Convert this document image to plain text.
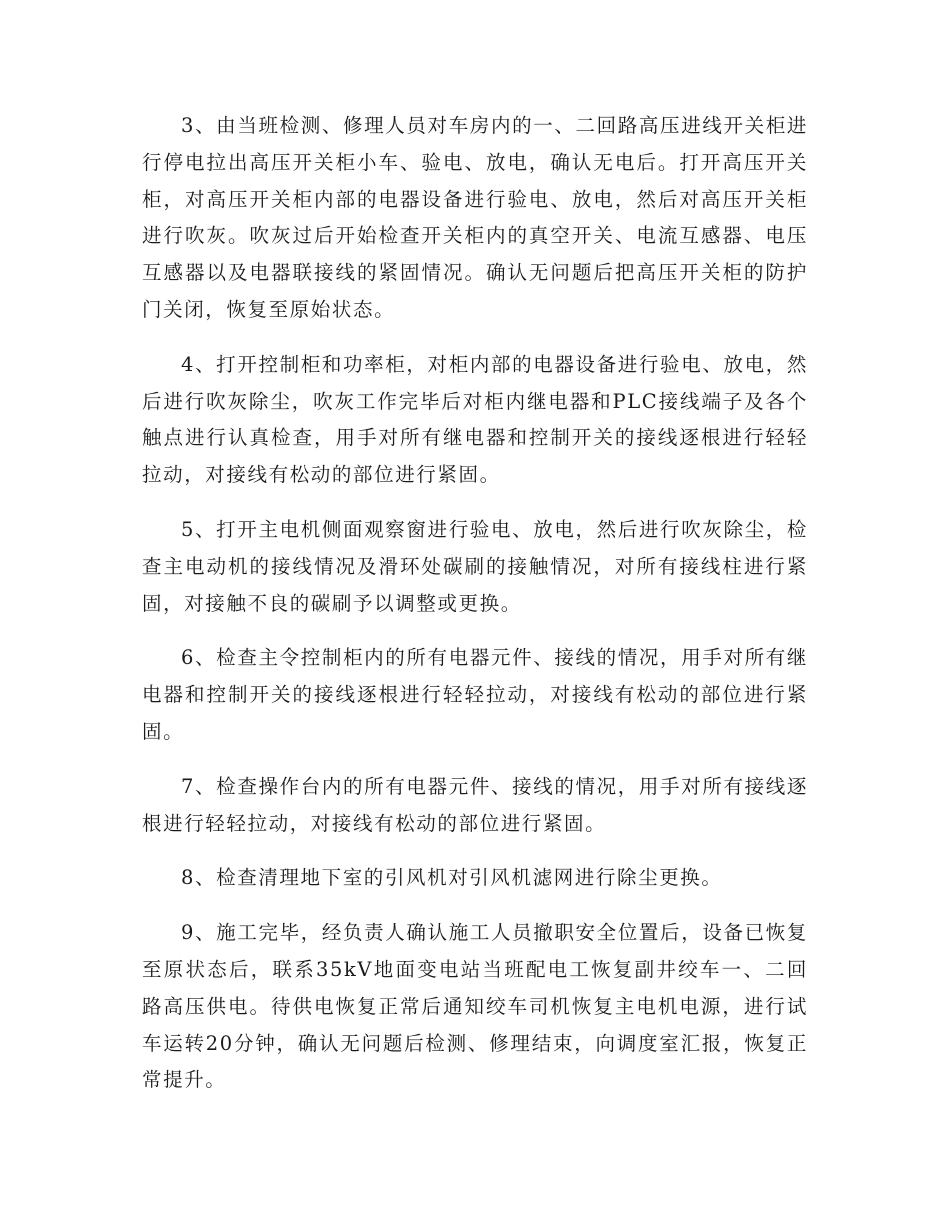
3、由当班检测、修理人员对车房内的一、二回路高压进线开关柜进行停电拉出高压开关柜小车、验电、放电，确认无电后。打开高压开关柜，对高压开关柜内部的电器设备进行验电、放电，然后对高压开关柜进行吹灰。吹灰过后开始检查开关柜内的真空开关、电流互感器、电压互感器以及电器联接线的紧固情况。确认无问题后把高压开关柜的防护门关闭，恢复至原始状态。

4、打开控制柜和功率柜，对柜内部的电器设备进行验电、放电，然后进行吹灰除尘，吹灰工作完毕后对柜内继电器和PLC接线端子及各个触点进行认真检查，用手对所有继电器和控制开关的接线逐根进行轻轻拉动，对接线有松动的部位进行紧固。

5、打开主电机侧面观察窗进行验电、放电，然后进行吹灰除尘，检查主电动机的接线情况及滑环处碳刷的接触情况，对所有接线柱进行紧固，对接触不良的碳刷予以调整或更换。

6、检查主令控制柜内的所有电器元件、接线的情况，用手对所有继电器和控制开关的接线逐根进行轻轻拉动，对接线有松动的部位进行紧固。

7、检查操作台内的所有电器元件、接线的情况，用手对所有接线逐根进行轻轻拉动，对接线有松动的部位进行紧固。

8、检查清理地下室的引风机对引风机滤网进行除尘更换。

9、施工完毕，经负责人确认施工人员撤职安全位置后，设备已恢复至原状态后，联系35kV地面变电站当班配电工恢复副井绞车一、二回路高压供电。待供电恢复正常后通知绞车司机恢复主电机电源，进行试车运转20分钟，确认无问题后检测、修理结束，向调度室汇报，恢复正常提升。
